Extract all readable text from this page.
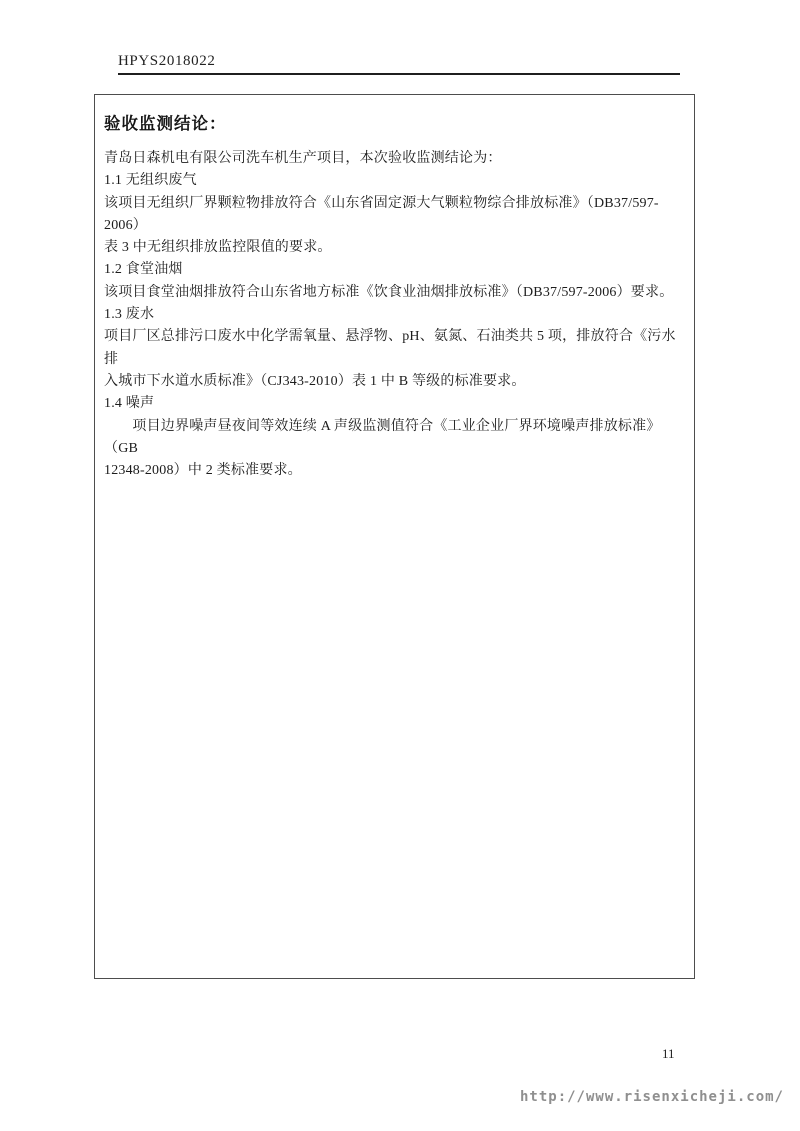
HPYS2018022
验收监测结论：
青岛日森机电有限公司洗车机生产项目，本次验收监测结论为：
1.1 无组织废气
该项目无组织厂界颗粒物排放符合《山东省固定源大气颗粒物综合排放标准》（DB37/597-2006）
表 3 中无组织排放监控限值的要求。
1.2 食堂油烟
该项目食堂油烟排放符合山东省地方标准《饮食业油烟排放标准》（DB37/597-2006）要求。
1.3 废水
项目厂区总排污口废水中化学需氧量、悬浮物、pH、氨氮、石油类共 5 项，排放符合《污水排
入城市下水道水质标准》（CJ343-2010）表 1 中 B 等级的标准要求。
1.4 噪声
　　项目边界噪声昼夜间等效连续 A 声级监测值符合《工业企业厂界环境噪声排放标准》（GB
12348-2008）中 2 类标准要求。
11
http://www.risenxicheji.com/
